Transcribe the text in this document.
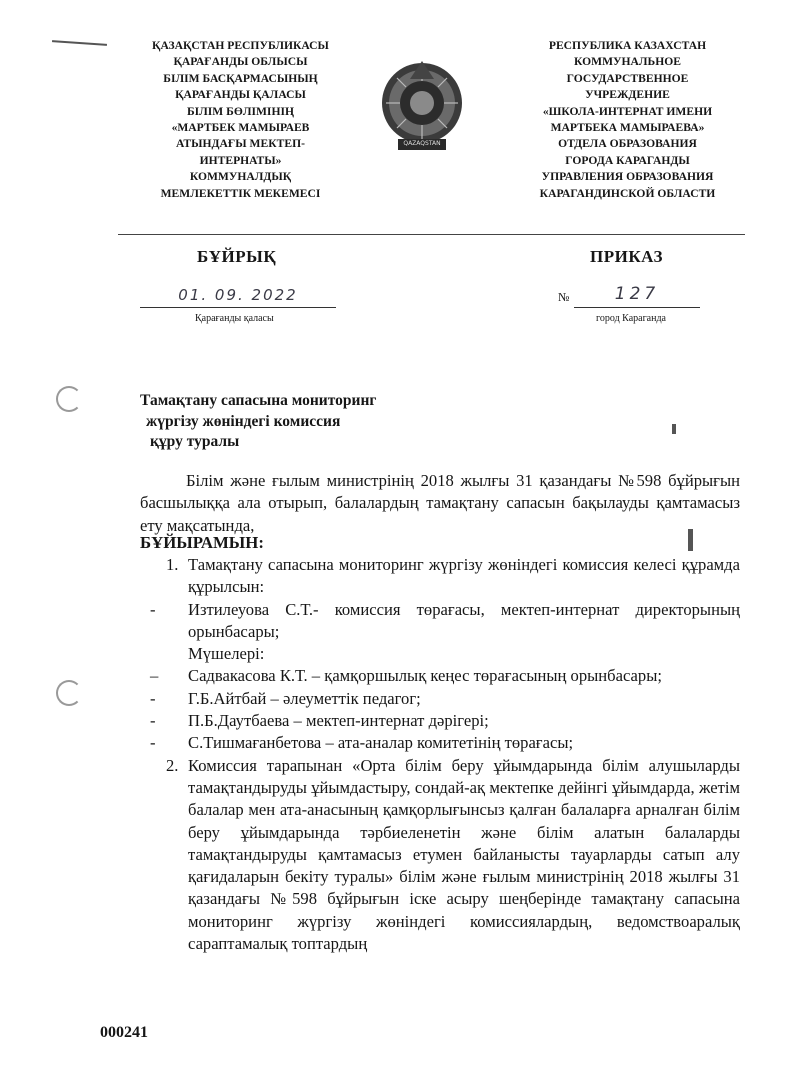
ҚАЗАҚСТАН РЕСПУБЛИКАСЫ
ҚАРАҒАНДЫ ОБЛЫСЫ
БІЛІМ БАСҚАРМАСЫНЫҢ
ҚАРАҒАНДЫ ҚАЛАСЫ
БІЛІМ БӨЛІМІНІҢ
«МАРТБЕК МАМЫРАЕВ
АТЫНДАҒЫ МЕКТЕП-
ИНТЕРНАТЫ»
КОММУНАЛДЫҚ
МЕМЛЕКЕТТІК МЕКЕМЕСІ
QAZAQSTAN
РЕСПУБЛИКА КАЗАХСТАН
КОММУНАЛЬНОЕ
ГОСУДАРСТВЕННОЕ
УЧРЕЖДЕНИЕ
«ШКОЛА-ИНТЕРНАТ ИМЕНИ
МАРТБЕКА МАМЫРАЕВА»
ОТДЕЛА ОБРАЗОВАНИЯ
ГОРОДА КАРАГАНДЫ
УПРАВЛЕНИЯ ОБРАЗОВАНИЯ
КАРАГАНДИНСКОЙ ОБЛАСТИ
БҰЙРЫҚ	ПРИКАЗ
01. 09. 2022	№	127
Қарағанды қаласы	город Караганда
Тамақтану сапасына мониторинг
жүргізу жөніндегі комиссия
құру туралы
Білім және ғылым министрінің 2018 жылғы 31 қазандағы №598 бұйрығын басшылыққа ала отырып, балалардың тамақтану сапасын бақылауды қамтамасыз ету мақсатында,
БҰЙЫРАМЫН:
1. Тамақтану сапасына мониторинг жүргізу жөніндегі комиссия келесі құрамда құрылсын:
- Изтилеуова С.Т.- комиссия төрағасы, мектеп-интернат директорының орынбасары;
Мүшелері:
– Садвакасова К.Т. – қамқоршылық кеңес төрағасының орынбасары;
- Г.Б.Айтбай – әлеуметтік педагог;
- П.Б.Даутбаева – мектеп-интернат дәрігері;
- С.Тишмағанбетова – ата-аналар комитетінің төрағасы;
2. Комиссия тарапынан «Орта білім беру ұйымдарында білім алушыларды тамақтандыруды ұйымдастыру, сондай-ақ мектепке дейінгі ұйымдарда, жетім балалар мен ата-анасының қамқорлығынсыз қалған балаларға арналған білім беру ұйымдарында тәрбиеленетін және білім алатын балаларды тамақтандыруды қамтамасыз етумен байланысты тауарларды сатып алу қағидаларын бекіту туралы» білім және ғылым министрінің 2018 жылғы 31 қазандағы №598 бұйрығын іске асыру шеңберінде тамақтану сапасына мониторинг жүргізу жөніндегі комиссиялардың, ведомствоаралық сараптамалық топтардың
000241
